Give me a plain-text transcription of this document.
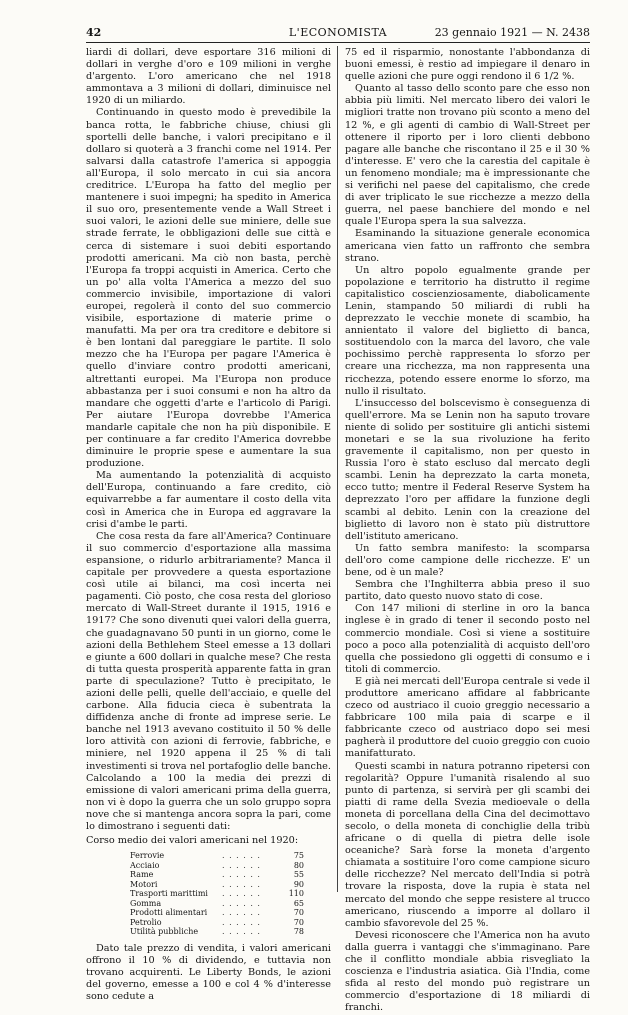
42	L'ECONOMISTA	23 gennaio 1921 — N. 2438

liardi di dollari, deve esportare 316 milioni di dollari in verghe d'oro e 109 milioni in verghe d'argento. L'oro americano che nel 1918 ammontava a 3 milioni di dollari, diminuisce nel 1920 di un miliardo.

Continuando in questo modo è prevedibile la banca rotta, le fabbriche chiuse, chiusi gli sportelli delle banche, i valori precipitano e il dollaro si quoterà a 3 franchi come nel 1914. Per salvarsi dalla catastrofe l'america si appoggia all'Europa, il solo mercato in cui sia ancora creditrice. L'Europa ha fatto del meglio per mantenere i suoi impegni; ha spedito in America il suo oro, presentemente vende a Wall Street i suoi valori, le azioni delle sue miniere, delle sue strade ferrate, le obbligazioni delle sue città e cerca di sistemare i suoi debiti esportando prodotti americani. Ma ciò non basta, perchè l'Europa fa troppi acquisti in America. Certo che un po' alla volta l'America a mezzo del suo commercio invisibile, importazione di valori europei, regolerà il conto del suo commercio visibile, esportazione di materie prime o manufatti. Ma per ora tra creditore e debitore si è ben lontani dal pareggiare le partite. Il solo mezzo che ha l'Europa per pagare l'America è quello d'inviare contro prodotti americani, altrettanti europei. Ma l'Europa non produce abbastanza per i suoi consumi e non ha altro da mandare che oggetti d'arte e l'articolo di Parigi. Per aiutare l'Europa dovrebbe l'America mandarle capitale che non ha più disponibile. E per continuare a far credito l'America dovrebbe diminuire le proprie spese e aumentare la sua produzione.

Ma aumentando la potenzialità di acquisto dell'Europa, continuando a fare credito, ciò equivarrebbe a far aumentare il costo della vita così in America che in Europa ed aggravare la crisi d'ambe le parti.

Che cosa resta da fare all'America? Continuare il suo commercio d'esportazione alla massima espansione, o ridurlo arbitrariamente? Manca il capitale per provvedere a questa esportazione così utile ai bilanci, ma così incerta nei pagamenti. Ciò posto, che cosa resta del glorioso mercato di Wall-Street durante il 1915, 1916 e 1917? Che sono divenuti quei valori della guerra, che guadagnavano 50 punti in un giorno, come le azioni della Bethlehem Steel emesse a 13 dollari e giunte a 600 dollari in qualche mese? Che resta di tutta questa prosperità apparente fatta in gran parte di speculazione? Tutto è precipitato, le azioni delle pelli, quelle dell'acciaio, e quelle del carbone. Alla fiducia cieca è subentrata la diffidenza anche di fronte ad imprese serie. Le banche nel 1913 avevano costituito il 50 % delle loro attività con azioni di ferrovie, fabbriche, e miniere, nel 1920 appena il 25 % di tali investimenti si trova nel portafoglio delle banche. Calcolando a 100 la media dei prezzi di emissione di valori americani prima della guerra, non vi è dopo la guerra che un solo gruppo sopra nove che si mantenga ancora sopra la pari, come lo dimostrano i seguenti dati:

Corso medio dei valori americani nel 1920:

Ferrovie	. . . . . .	75
Acciaio	. . . . . .	80
Rame	. . . . . .	55
Motori	. . . . . .	90
Trasporti marittimi	. . . . . .	110
Gomma	. . . . . .	65
Prodotti alimentari	. . . . . .	70
Petrolio	. . . . . .	70
Utilità pubbliche	. . . . . .	78

Dato tale prezzo di vendita, i valori americani offrono il 10 % di dividendo, e tuttavia non trovano acquirenti. Le Liberty Bonds, le azioni del governo, emesse a 100 e col 4 % d'interesse sono cedute a

75 ed il risparmio, nonostante l'abbondanza di buoni emessi, è restio ad impiegare il denaro in quelle azioni che pure oggi rendono il 6 1/2 %.

Quanto al tasso dello sconto pare che esso non abbia più limiti. Nel mercato libero dei valori le migliori tratte non trovano più sconto a meno del 12 %, e gli agenti di cambio di Wall-Street per ottenere il riporto per i loro clienti debbono pagare alle banche che riscontano il 25 e il 30 % d'interesse. E' vero che la carestia del capitale è un fenomeno mondiale; ma è impressionante che si verifichi nel paese del capitalismo, che crede di aver triplicato le sue ricchezze a mezzo della guerra, nel paese banchiere del mondo e nel quale l'Europa spera la sua salvezza.

Esaminando la situazione generale economica americana vien fatto un raffronto che sembra strano.

Un altro popolo egualmente grande per popolazione e territorio ha distrutto il regime capitalistico coscienziosamente, diabolicamente Lenin, stampando 50 miliardi di rubli ha deprezzato le vecchie monete di scambio, ha annientato il valore del biglietto di banca, sostituendolo con la marca del lavoro, che vale pochissimo perchè rappresenta lo sforzo per creare una ricchezza, ma non rappresenta una ricchezza, potendo essere enorme lo sforzo, ma nullo il risultato.

L'insuccesso del bolscevismo è conseguenza di quell'errore. Ma se Lenin non ha saputo trovare niente di solido per sostituire gli antichi sistemi monetari e se la sua rivoluzione ha ferito gravemente il capitalismo, non per questo in Russia l'oro è stato escluso dal mercato degli scambi. Lenin ha deprezzato la carta moneta, ecco tutto; mentre il Federal Reserve System ha deprezzato l'oro per affidare la funzione degli scambi al debito. Lenin con la creazione del biglietto di lavoro non è stato più distruttore dell'istituto americano.

Un fatto sembra manifesto: la scomparsa dell'oro come campione delle ricchezze. E' un bene, od è un male?

Sembra che l'Inghilterra abbia preso il suo partito, dato questo nuovo stato di cose.

Con 147 milioni di sterline in oro la banca inglese è in grado di tener il secondo posto nel commercio mondiale. Così si viene a sostituire poco a poco alla potenzialità di acquisto dell'oro quella che possiedono gli oggetti di consumo e i titoli di commercio.

E già nei mercati dell'Europa centrale si vede il produttore americano affidare al fabbricante czeco od austriaco il cuoio greggio necessario a fabbricare 100 mila paia di scarpe e il fabbricante czeco od austriaco dopo sei mesi pagherà il produttore del cuoio greggio con cuoio manifatturato.

Questi scambi in natura potranno ripetersi con regolarità? Oppure l'umanità risalendo al suo punto di partenza, si servirà per gli scambi dei piatti di rame della Svezia medioevale o della moneta di porcellana della Cina del decimottavo secolo, o della moneta di conchiglie della tribù africane o di quella di pietra delle isole oceaniche? Sarà forse la moneta d'argento chiamata a sostituire l'oro come campione sicuro delle ricchezze? Nel mercato dell'India si potrà trovare la risposta, dove la rupia è stata nel mercato del mondo che seppe resistere al trucco americano, riuscendo a imporre al dollaro il cambio sfavorevole del 25 %.

Devesi riconoscere che l'America non ha avuto dalla guerra i vantaggi che s'immaginano. Pare che il conflitto mondiale abbia risvegliato la coscienza e l'industria asiatica. Già l'India, come sfida al resto del mondo può registrare un commercio d'esportazione di 18 miliardi di franchi.
